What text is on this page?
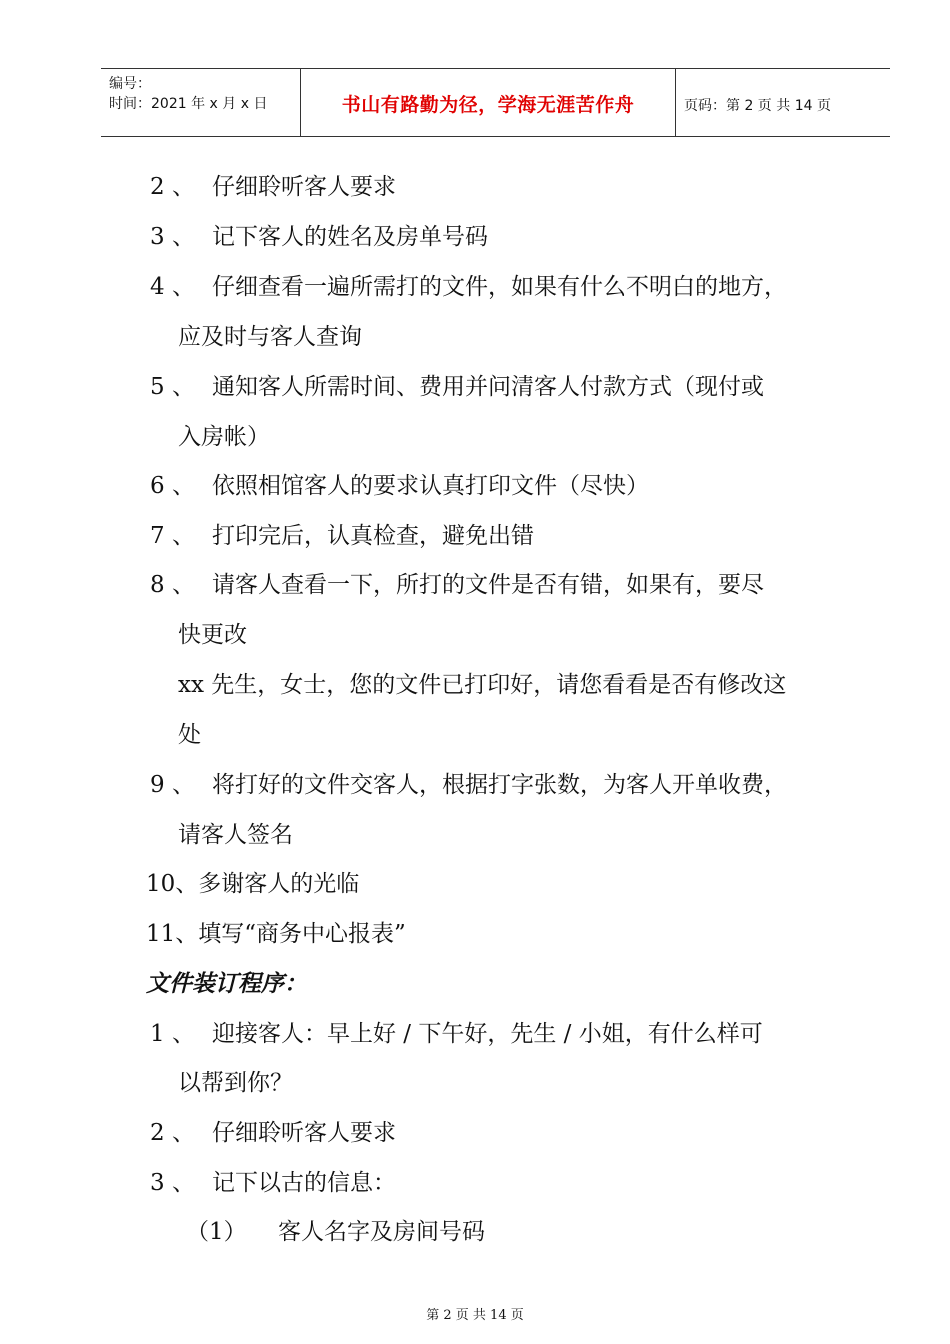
编号：
时间：2021 年 x 月 x 日	书山有路勤为径，学海无涯苦作舟	页码：第 2 页 共 14 页
2 、 仔细聆听客人要求
3 、 记下客人的姓名及房单号码
4 、 仔细查看一遍所需打的文件，如果有什么不明白的地方，
应及时与客人查询
5 、 通知客人所需时间、费用并问清客人付款方式（现付或
入房帐）
6 、 依照相馆客人的要求认真打印文件（尽快）
7 、 打印完后，认真检查，避免出错
8 、 请客人查看一下，所打的文件是否有错，如果有，要尽
快更改
xx 先生，女士，您的文件已打印好，请您看看是否有修改这
处
9 、 将打好的文件交客人，根据打字张数，为客人开单收费，
请客人签名
10、多谢客人的光临
11、填写“商务中心报表”
文件装订程序：
1 、 迎接客人：早上好 / 下午好，先生 / 小姐，有什么样可
以帮到你？
2 、 仔细聆听客人要求
3 、 记下以古的信息：
（1） 客人名字及房间号码
第 2 页 共 14 页
